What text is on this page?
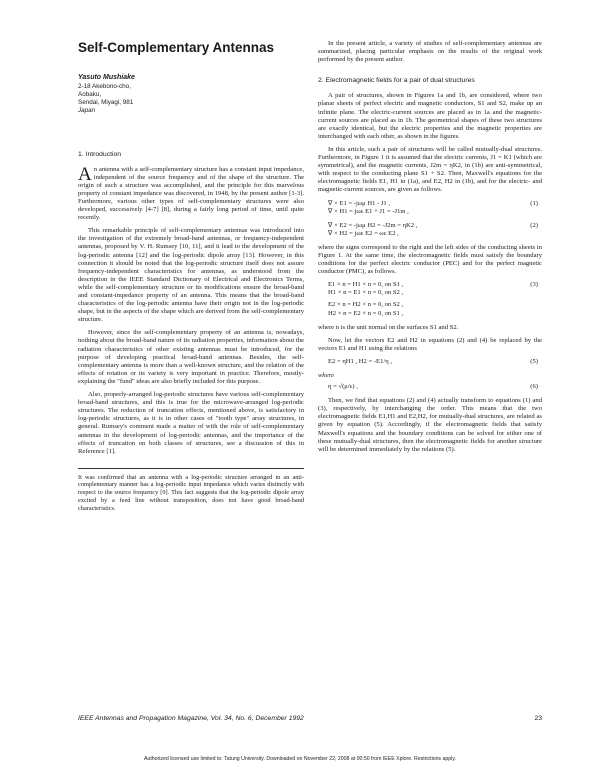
Self-Complementary Antennas
Yasuto Mushiake
2-18 Akebono-cho,
Aobaku,
Sendai, Miyagi, 981
Japan
1. Introduction

An antenna with a self-complementary structure has a constant input impedance, independent of the source frequency and of the shape of the structure. The origin of such a structure was accomplished, and the principle for this marvelous property of constant impedance was discovered, in 1948, by the present author [1-3]. Furthermore, various other types of self-complementary structures were also developed, successively [4-7] [8], during a fairly long period of time, until quite recently.

This remarkable principle of self-complementary antennas was introduced into the investigation of the extremely broad-band antennas, or frequency-independent antennas, proposed by V. H. Rumsey [10, 11], and it lead to the development of the log-periodic antenna [12] and the log-periodic dipole array [13]. However, in this connection it should be noted that the log-periodic structure itself does not assure frequency-independent characteristics for antennas, as understood from the description in the IEEE Standard Dictionary of Electrical and Electronics Terms, while the self-complementary structure or its modifications ensure the broad-band and constant-impedance property of an antenna. This means that the broad-band characteristics of the log-periodic antenna have their origin not in the log-periodic shape, but in the aspects of the shape which are derived from the self-complementary structure.

However, since the self-complementary property of an antenna is, nowadays, nothing about the broad-band nature of its radiation properties, information about the radiation characteristics of other existing antennas must be introduced, for the purpose of developing practical broad-band antennas. Besides, the self-complementary antenna is more than a well-known structure, and the relation of the effects of rotation or its variety is very important in practice. Therefore, mostly-explaining the "fund" ideas are also briefly included for this purpose.

Also, properly-arranged log-periodic structures have various self-complementary broad-band structures, and this is true for the microwave-arranged log-periodic structures. The reduction of truncation effects, mentioned above, is satisfactory in log-periodic structures, as it is in other cases of "tooth type" array structures, in general. Rumsey's comment made a matter of with the role of self-complementary antennas in the development of log-periodic antennas, and the importance of the effects of truncation on both classes of structures, see a discussion of this in Reference [1].

It was confirmed that an antenna with a log-periodic structure arranged in an anti-complementary manner has a log-periodic input impedance which varies distinctly with respect to the source frequency [9]. This fact suggests that the log-periodic dipole array excited by a feed line without transposition, does not have good broad-band characteristics.

In the present article, a variety of studies of self-complementary antennas are summarized, placing particular emphasis on the results of the original work performed by the present author.

2. Electromagnetic fields for a pair of dual structures

A pair of structures, shown in Figures 1a and 1b, are considered, where two planar sheets of perfect electric and magnetic conductors, S1 and S2, make up an infinite plane. The electric-current sources are placed as in 1a and the magnetic-current sources are placed as in 1b. The geometrical shapes of these two structures are exactly identical, but the electric properties and the magnetic properties are interchanged with each other, as shown in the figures.

In this article, such a pair of structures will be called mutually-dual structures. Furthermore, in Figure 1 it is assumed that the electric currents, J1 = K1 (which are symmetrical), and the magnetic currents, J2m = ηK2, in (1b) are anti-symmetrical, with respect to the conducting plane S1 + S2. Then, Maxwell's equations for the electromagnetic fields E1, H1 in (1a), and E2, H2 in (1b), and for the electric- and magnetic-current sources, are given as follows.

∇ × E1 = -jωμ H1 - J1 ,
∇ × H1 = jωε E1 + J1 = -J1m ,
(1)
∇ × E2 = -jωμ H2 = -J2m = ηK2 ,
∇ × H2 = jωε E2 = ωε E2 ,
(2)

where the signs correspond to the right and the left sides of the conducting sheets in Figure 1. At the same time, the electromagnetic fields must satisfy the boundary conditions for the perfect electric conductor (PEC) and for the perfect magnetic conductor (PMC), as follows.

E1 × n = H1 × n = 0, on S1 ,
H1 × n = E1 × n = 0, on S2 ,
E2 × n = H2 × n = 0, on S2 ,
H2 × n = E2 × n = 0, on S1 ,
(3)

where n is the unit normal on the surfaces S1 and S2.

Now, let the vectors E2 and H2 in equations (2) and (4) be replaced by the vectors E1 and H1 using the relations

E2 = ηH1 , H2 = -E1/η ,	(5)
where
η = √(μ/ε) ,	(6)

Then, we find that equations (2) and (4) actually transform to equations (1) and (3), respectively, by interchanging the order. This means that the two electromagnetic fields E1,H1 and E2,H2, for mutually-dual structures, are related as given by equation (5). Accordingly, if the electromagnetic fields that satisfy Maxwell's equations and the boundary conditions can be solved for either one of these mutually-dual structures, then the electromagnetic fields for another structure will be determined immediately by the relations (5).

IEEE Antennas and Propagation Magazine, Vol. 34, No. 6, December 1992	23
Authorized licensed use limited to: Tatung University. Downloaded on November 22, 2008 at 00:50 from IEEE Xplore. Restrictions apply.
